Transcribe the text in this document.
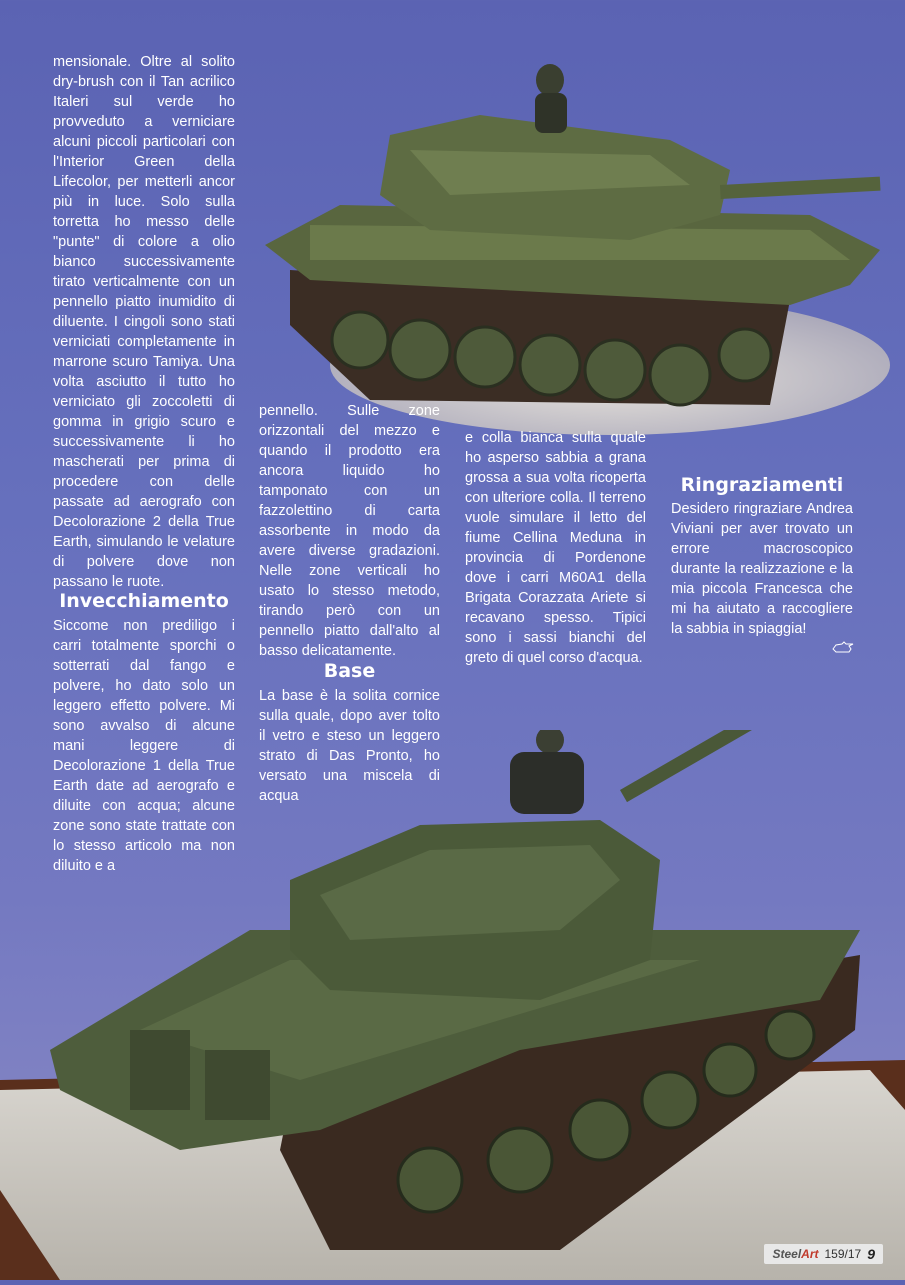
mensionale. Oltre al solito dry-brush con il Tan acrilico Italeri sul verde ho provveduto a verniciare alcuni piccoli particolari con l'Interior Green della Lifecolor, per metterli ancor più in luce. Solo sulla torretta ho messo delle "punte" di colore a olio bianco successivamente tirato verticalmente con un pennello piatto inumidito di diluente. I cingoli sono stati verniciati completamente in marrone scuro Tamiya. Una volta asciutto il tutto ho verniciato gli zoccoletti di gomma in grigio scuro e successivamente li ho mascherati per prima di procedere con delle passate ad aerografo con Decolorazione 2 della True Earth, simulando le velature di polvere dove non passano le ruote.

Invecchiamento

Siccome non prediligo i carri totalmente sporchi o sotterrati dal fango e polvere, ho dato solo un leggero effetto polvere. Mi sono avvalso di alcune mani leggere di Decolorazione 1 della True Earth date ad aerografo e diluite con acqua; alcune zone sono state trattate con lo stesso articolo ma non diluito e a

pennello. Sulle zone orizzontali del mezzo e quando il prodotto era ancora liquido ho tamponato con un fazzolettino di carta assorbente in modo da avere diverse gradazioni. Nelle zone verticali ho usato lo stesso metodo, tirando però con un pennello piatto dall'alto al basso delicatamente.

Base

La base è la solita cornice sulla quale, dopo aver tolto il vetro e steso un leggero strato di Das Pronto, ho versato una miscela di acqua

e colla bianca sulla quale ho asperso sabbia a grana grossa a sua volta ricoperta con ulteriore colla. Il terreno vuole simulare il letto del fiume Cellina Meduna in provincia di Pordenone dove i carri M60A1 della Brigata Corazzata Ariete si recavano spesso. Tipici sono i sassi bianchi del greto di quel corso d'acqua.

Ringraziamenti

Desidero ringraziare Andrea Viviani per aver trovato un errore macroscopico durante la realizzazione e la mia piccola Francesca che mi ha aiutato a raccogliere la sabbia in spiaggia!

SteelArt 159/17 9
